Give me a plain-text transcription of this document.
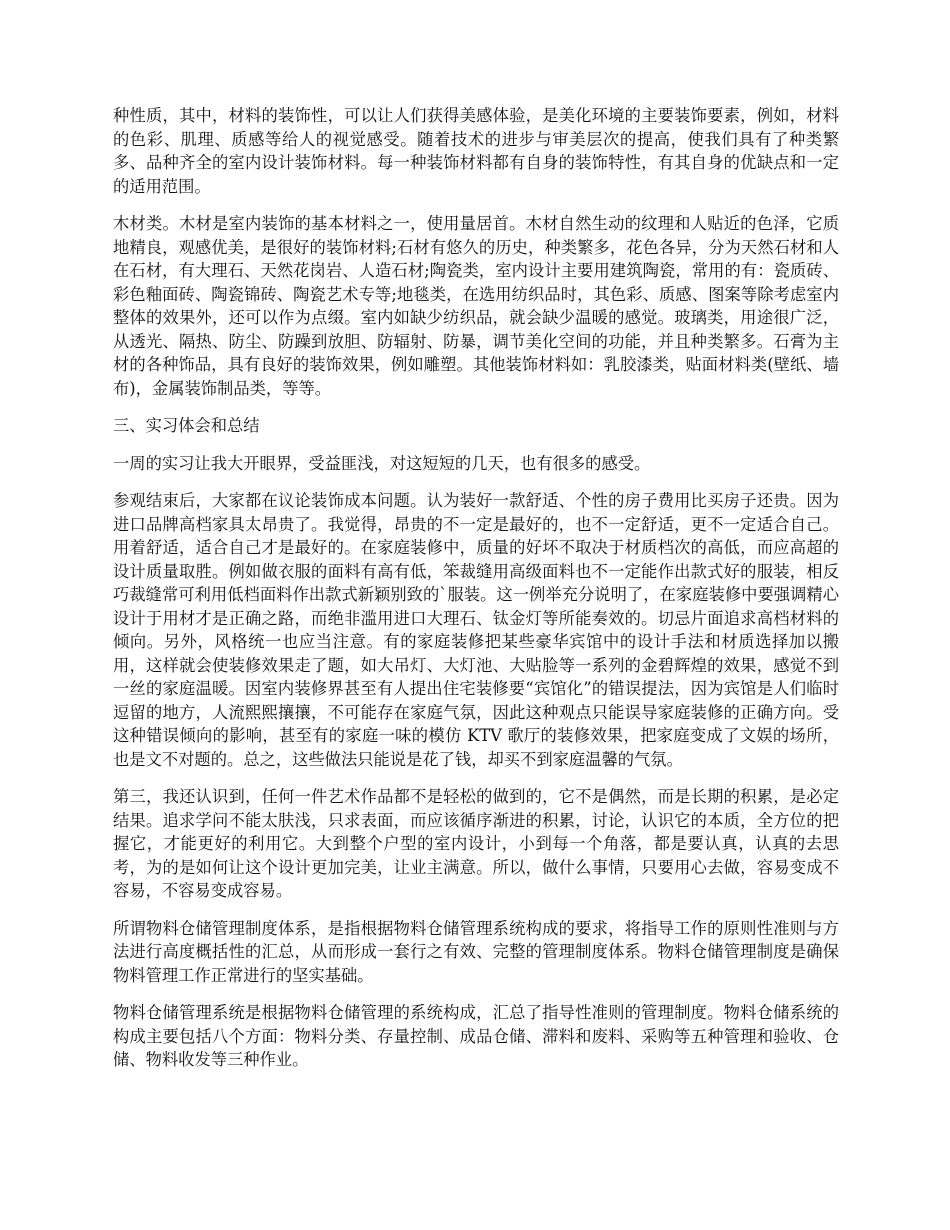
种性质，其中，材料的装饰性，可以让人们获得美感体验，是美化环境的主要装饰要素，例如，材料的色彩、肌理、质感等给人的视觉感受。随着技术的进步与审美层次的提高，使我们具有了种类繁多、品种齐全的室内设计装饰材料。每一种装饰材料都有自身的装饰特性，有其自身的优缺点和一定的适用范围。

木材类。木材是室内装饰的基本材料之一，使用量居首。木材自然生动的纹理和人贴近的色泽，它质地精良，观感优美，是很好的装饰材料;石材有悠久的历史，种类繁多，花色各异，分为天然石材和人在石材，有大理石、天然花岗岩、人造石材;陶瓷类，室内设计主要用建筑陶瓷，常用的有：瓷质砖、彩色釉面砖、陶瓷锦砖、陶瓷艺术专等;地毯类，在选用纺织品时，其色彩、质感、图案等除考虑室内整体的效果外，还可以作为点缀。室内如缺少纺织品，就会缺少温暖的感觉。玻璃类，用途很广泛，从透光、隔热、防尘、防躁到放胆、防辐射、防暴，调节美化空间的功能，并且种类繁多。石膏为主材的各种饰品，具有良好的装饰效果，例如雕塑。其他装饰材料如：乳胶漆类，贴面材料类(壁纸、墙布)，金属装饰制品类，等等。

三、实习体会和总结

一周的实习让我大开眼界，受益匪浅，对这短短的几天，也有很多的感受。

参观结束后，大家都在议论装饰成本问题。认为装好一款舒适、个性的房子费用比买房子还贵。因为进口品牌高档家具太昂贵了。我觉得，昂贵的不一定是最好的，也不一定舒适，更不一定适合自己。用着舒适，适合自己才是最好的。在家庭装修中，质量的好坏不取决于材质档次的高低，而应高超的设计质量取胜。例如做衣服的面料有高有低，笨裁缝用高级面料也不一定能作出款式好的服装，相反巧裁缝常可利用低档面料作出款式新颖别致的`服装。这一例举充分说明了，在家庭装修中要强调精心设计于用材才是正确之路，而绝非滥用进口大理石、钛金灯等所能奏效的。切忌片面追求高档材料的倾向。另外，风格统一也应当注意。有的家庭装修把某些豪华宾馆中的设计手法和材质选择加以搬用，这样就会使装修效果走了题，如大吊灯、大灯池、大贴脸等一系列的金碧辉煌的效果，感觉不到一丝的家庭温暖。因室内装修界甚至有人提出住宅装修要“宾馆化”的错误提法，因为宾馆是人们临时逗留的地方，人流熙熙攘攘，不可能存在家庭气氛，因此这种观点只能误导家庭装修的正确方向。受这种错误倾向的影响，甚至有的家庭一味的模仿 KTV 歌厅的装修效果，把家庭变成了文娱的场所，也是文不对题的。总之，这些做法只能说是花了钱，却买不到家庭温馨的气氛。

第三，我还认识到，任何一件艺术作品都不是轻松的做到的，它不是偶然，而是长期的积累，是必定结果。追求学问不能太肤浅，只求表面，而应该循序渐进的积累，讨论，认识它的本质，全方位的把握它，才能更好的利用它。大到整个户型的室内设计，小到每一个角落，都是要认真，认真的去思考，为的是如何让这个设计更加完美，让业主满意。所以，做什么事情，只要用心去做，容易变成不容易，不容易变成容易。

所谓物料仓储管理制度体系，是指根据物料仓储管理系统构成的要求，将指导工作的原则性准则与方法进行高度概括性的汇总，从而形成一套行之有效、完整的管理制度体系。物料仓储管理制度是确保物料管理工作正常进行的坚实基础。

物料仓储管理系统是根据物料仓储管理的系统构成，汇总了指导性准则的管理制度。物料仓储系统的构成主要包括八个方面：物料分类、存量控制、成品仓储、滞料和废料、采购等五种管理和验收、仓储、物料收发等三种作业。
